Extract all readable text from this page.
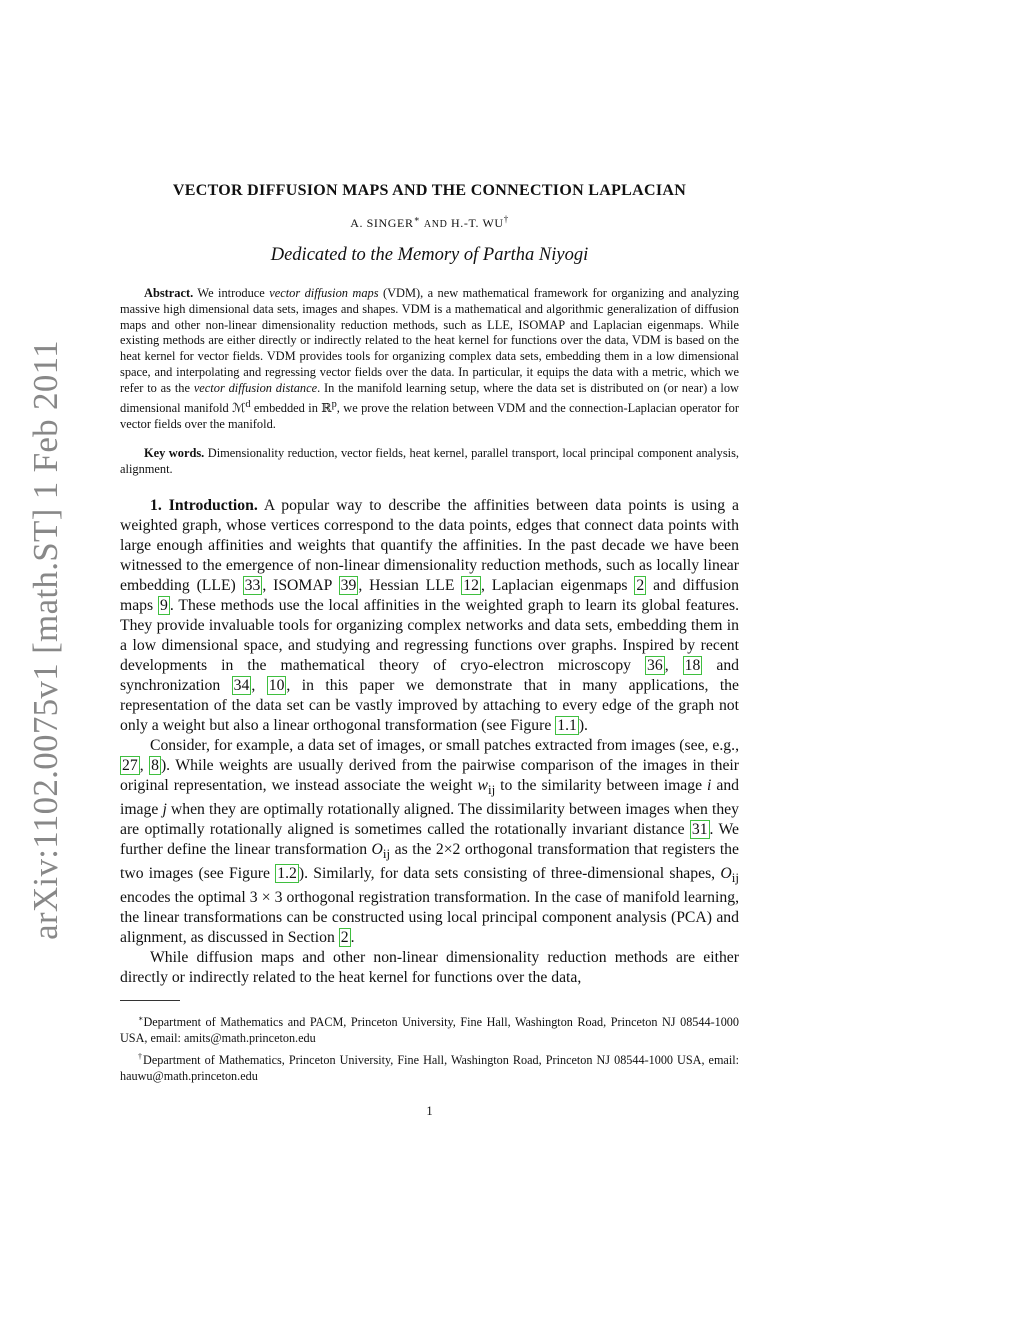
arXiv:1102.0075v1 [math.ST] 1 Feb 2011
VECTOR DIFFUSION MAPS AND THE CONNECTION LAPLACIAN
A. SINGER∗ AND H.-T. WU†
Dedicated to the Memory of Partha Niyogi

Abstract. We introduce vector diffusion maps (VDM), a new mathematical framework for organizing and analyzing massive high dimensional data sets, images and shapes. VDM is a mathematical and algorithmic generalization of diffusion maps and other non-linear dimensionality reduction methods, such as LLE, ISOMAP and Laplacian eigenmaps. While existing methods are either directly or indirectly related to the heat kernel for functions over the data, VDM is based on the heat kernel for vector fields. VDM provides tools for organizing complex data sets, embedding them in a low dimensional space, and interpolating and regressing vector fields over the data. In particular, it equips the data with a metric, which we refer to as the vector diffusion distance. In the manifold learning setup, where the data set is distributed on (or near) a low dimensional manifold ℳ$^d$ embedded in ℝ$^p$, we prove the relation between VDM and the connection-Laplacian operator for vector fields over the manifold.

Key words. Dimensionality reduction, vector fields, heat kernel, parallel transport, local principal component analysis, alignment.

1. Introduction. A popular way to describe the affinities between data points is using a weighted graph, whose vertices correspond to the data points, edges that connect data points with large enough affinities and weights that quantify the affinities. In the past decade we have been witnessed to the emergence of non-linear dimensionality reduction methods, such as locally linear embedding (LLE) 33 , ISOMAP 39 , Hessian LLE 12 , Laplacian eigenmaps 2 and diffusion maps 9 . These methods use the local affinities in the weighted graph to learn its global features. They provide invaluable tools for organizing complex networks and data sets, embedding them in a low dimensional space, and studying and regressing functions over graphs. Inspired by recent developments in the mathematical theory of cryo-electron microscopy 36 , 18 and synchronization 34 , 10 , in this paper we demonstrate that in many applications, the representation of the data set can be vastly improved by attaching to every edge of the graph not only a weight but also a linear orthogonal transformation (see Figure 1.1 ).

Consider, for example, a data set of images, or small patches extracted from images (see, e.g., 27 , 8 ). While weights are usually derived from the pairwise comparison of the images in their original representation, we instead associate the weight $w_{ij}$ to the similarity between image i and image j when they are optimally rotationally aligned. The dissimilarity between images when they are optimally rotationally aligned is sometimes called the rotationally invariant distance 31 . We further define the linear transformation $O_{ij}$ as the 2×2 orthogonal transformation that registers the two images (see Figure 1.2 ). Similarly, for data sets consisting of three-dimensional shapes, $O_{ij}$ encodes the optimal 3 × 3 orthogonal registration transformation. In the case of manifold learning, the linear transformations can be constructed using local principal component analysis (PCA) and alignment, as discussed in Section 2 .

While diffusion maps and other non-linear dimensionality reduction methods are either directly or indirectly related to the heat kernel for functions over the data,

∗Department of Mathematics and PACM, Princeton University, Fine Hall, Washington Road, Princeton NJ 08544-1000 USA, email: amits@math.princeton.edu

†Department of Mathematics, Princeton University, Fine Hall, Washington Road, Princeton NJ 08544-1000 USA, email: hauwu@math.princeton.edu

1
